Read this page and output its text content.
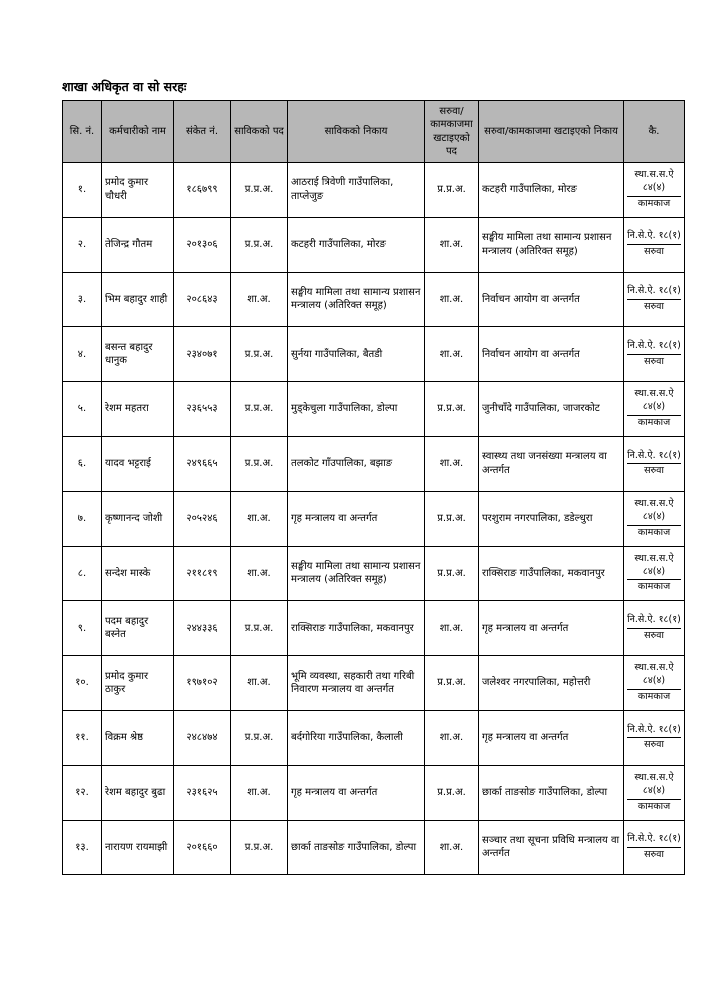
शाखा अधिकृत वा सो सरहः
सि. नं.	कर्मचारीको नाम	संकेत नं.	साविकको पद	साविकको निकाय	सरुवा/ कामकाजमा खटाइएको पद	सरुवा/कामकाजमा खटाइएको निकाय	कै.
१.	प्रमोद कुमार चौधरी	१८६७९९	प्र.प्र.अ.	आठराई त्रिवेणी गाउँपालिका, ताप्लेजुङ	प्र.प्र.अ.	कटहरी गाउँपालिका, मोरङ	स्था.स.स.ऐ ८४(४)
कामकाज

२.	तेजिन्द्र गौतम	२०१३०६	प्र.प्र.अ.	कटहरी गाउँपालिका, मोरङ	शा.अ.	सङ्घीय मामिला तथा सामान्य प्रशासन मन्त्रालय (अतिरिक्त समूह)	नि.से.ऐ. १८(१)
सरुवा

३.	भिम बहादुर शाही	२०८६४३	शा.अ.	सङ्घीय मामिला तथा सामान्य प्रशासन मन्त्रालय (अतिरिक्त समूह)	शा.अ.	निर्वाचन आयोग वा अन्तर्गत	नि.से.ऐ. १८(१)
सरुवा

४.	बसन्त बहादुर धानुक	२३४०७१	प्र.प्र.अ.	सुर्नया गाउँपालिका, बैतडी	शा.अ.	निर्वाचन आयोग वा अन्तर्गत	नि.से.ऐ. १८(१)
सरुवा

५.	रेशम महतरा	२३६५५३	प्र.प्र.अ.	मुड्केचुला गाउँपालिका, डोल्पा	प्र.प्र.अ.	जुनीचाँदे गाउँपालिका, जाजरकोट	स्था.स.स.ऐ ८४(४)
कामकाज

६.	यादव भट्टराई	२४९६६५	प्र.प्र.अ.	तलकोट गाँउपालिका, बझाङ	शा.अ.	स्वास्थ्य तथा जनसंख्या मन्त्रालय वा अन्तर्गत	नि.से.ऐ. १८(१)
सरुवा

७.	कृष्णानन्द जोशी	२०५२४६	शा.अ.	गृह मन्त्रालय वा अन्तर्गत	प्र.प्र.अ.	परशुराम नगरपालिका, डडेल्धुरा	स्था.स.स.ऐ ८४(४)
कामकाज

८.	सन्देश मास्के	२११८१९	शा.अ.	सङ्घीय मामिला तथा सामान्य प्रशासन मन्त्रालय (अतिरिक्त समूह)	प्र.प्र.अ.	राक्सिराङ गाउँपालिका, मकवानपुर	स्था.स.स.ऐ ८४(४)
कामकाज

९.	पदम बहादुर बस्नेत	२४४३३६	प्र.प्र.अ.	राक्सिराङ गाउँपालिका, मकवानपुर	शा.अ.	गृह मन्त्रालय वा अन्तर्गत	नि.से.ऐ. १८(१)
सरुवा

१०.	प्रमोद कुमार ठाकुर	१९७१०२	शा.अ.	भूमि व्यवस्था, सहकारी तथा गरिबी निवारण मन्त्रालय वा अन्तर्गत	प्र.प्र.अ.	जलेश्वर नगरपालिका, महोत्तरी	स्था.स.स.ऐ ८४(४)
कामकाज

११.	विक्रम श्रेष्ठ	२४८४७४	प्र.प्र.अ.	बर्दगोरिया गाउँपालिका, कैलाली	शा.अ.	गृह मन्त्रालय वा अन्तर्गत	नि.से.ऐ. १८(१)
सरुवा

१२.	रेशम बहादुर बुढा	२३१६२५	शा.अ.	गृह मन्त्रालय वा अन्तर्गत	प्र.प्र.अ.	छार्का ताङसोङ गाउँपालिका, डोल्पा	स्था.स.स.ऐ ८४(४)
कामकाज

१३.	नारायण रायमाझी	२०१६६०	प्र.प्र.अ.	छार्का ताङसोङ गाउँपालिका, डोल्पा	शा.अ.	सञ्चार तथा सूचना प्रविधि मन्त्रालय वा अन्तर्गत	नि.से.ऐ. १८(१)
सरुवा
